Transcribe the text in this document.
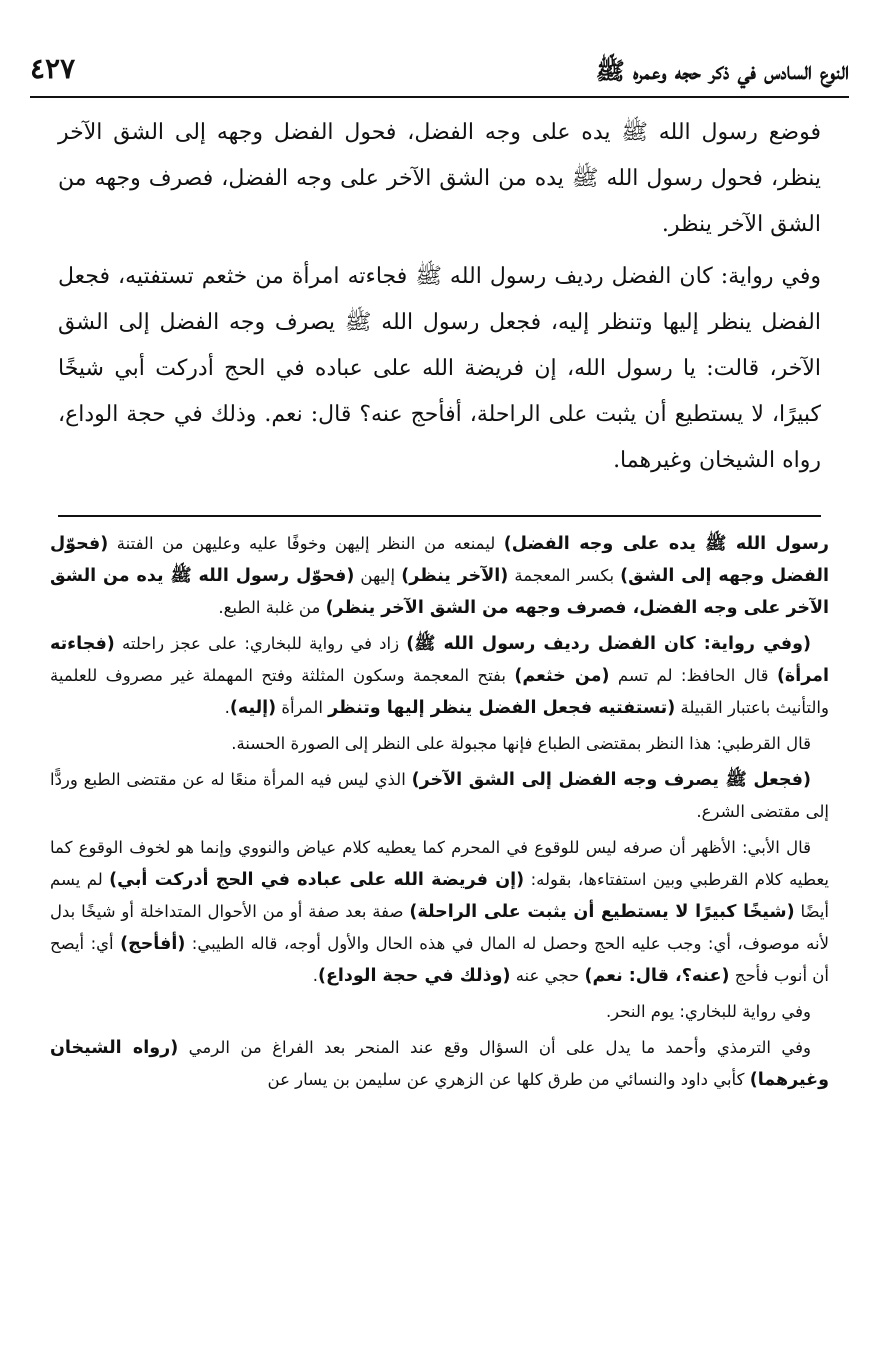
النوع السادس في ذكر حجه وعمره ﷺ
٤٢٧

فوضع رسول الله ﷺ يده على وجه الفضل، فحول الفضل وجهه إلى الشق الآخر ينظر، فحول رسول الله ﷺ يده من الشق الآخر على وجه الفضل، فصرف وجهه من الشق الآخر ينظر.

وفي رواية: كان الفضل رديف رسول الله ﷺ فجاءته امرأة من خثعم تستفتيه، فجعل الفضل ينظر إليها وتنظر إليه، فجعل رسول الله ﷺ يصرف وجه الفضل إلى الشق الآخر، قالت: يا رسول الله، إن فريضة الله على عباده في الحج أدركت أبي شيخًا كبيرًا، لا يستطيع أن يثبت على الراحلة، أفأحج عنه؟ قال: نعم. وذلك في حجة الوداع، رواه الشيخان وغيرهما.

رسول الله ﷺ يده على وجه الفضل) ليمنعه من النظر إليهن وخوفًا عليه وعليهن من الفتنة (فحوّل الفضل وجهه إلى الشق) بكسر المعجمة (الآخر ينظر) إليهن (فحوّل رسول الله ﷺ يده من الشق الآخر على وجه الفضل، فصرف وجهه من الشق الآخر ينظر) من غلبة الطبع.

(وفي رواية: كان الفضل رديف رسول الله ﷺ) زاد في رواية للبخاري: على عجز راحلته (فجاءته امرأة) قال الحافظ: لم تسم (من خثعم) بفتح المعجمة وسكون المثلثة وفتح المهملة غير مصروف للعلمية والتأنيث باعتبار القبيلة (تستفتيه فجعل الفضل ينظر إليها وتنظر المرأة (إليه).

قال القرطبي: هذا النظر بمقتضى الطباع فإنها مجبولة على النظر إلى الصورة الحسنة.

(فجعل ﷺ يصرف وجه الفضل إلى الشق الآخر) الذي ليس فيه المرأة منعًا له عن مقتضى الطبع وردًّا إلى مقتضى الشرع.

قال الأبي: الأظهر أن صرفه ليس للوقوع في المحرم كما يعطيه كلام عياض والنووي وإنما هو لخوف الوقوع كما يعطيه كلام القرطبي وبين استفتاءها، بقوله: (إن فريضة الله على عباده في الحج أدركت أبي) لم يسم أيضًا (شيخًا كبيرًا لا يستطيع أن يثبت على الراحلة) صفة بعد صفة أو من الأحوال المتداخلة أو شيخًا بدل لأنه موصوف، أي: وجب عليه الحج وحصل له المال في هذه الحال والأول أوجه، قاله الطيبي: (أفأحج) أي: أيصح أن أنوب فأحج (عنه؟، قال: نعم) حجي عنه (وذلك في حجة الوداع).

وفي رواية للبخاري: يوم النحر.

وفي الترمذي وأحمد ما يدل على أن السؤال وقع عند المنحر بعد الفراغ من الرمي (رواه الشيخان وغيرهما) كأبي داود والنسائي من طرق كلها عن الزهري عن سليمن بن يسار عن
